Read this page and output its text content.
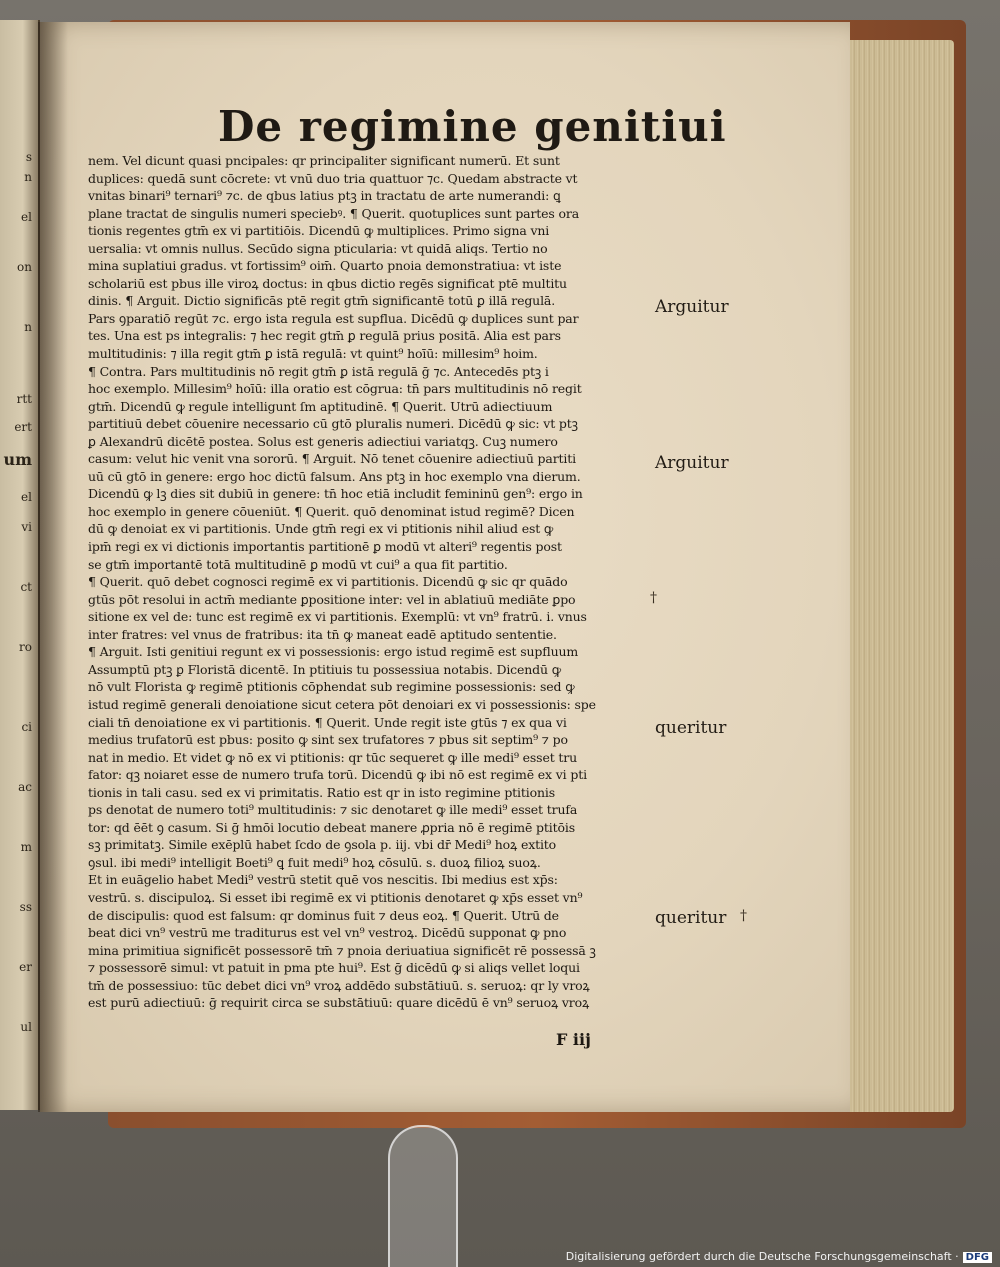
s
n
el
on
n
rtt
ert
um
el
vi
ct
ro
ci
ac
m
ss
er
ul
De regimine genitiui
nem. Vel dicunt quasi pncipales: qr principaliter significant numerū. Et sunt
duplices: quedā sunt cōcrete: vt vnū duo tria quattuor ⁊c. Quedam abstracte vt
vnitas binari⁹ ternari⁹ ⁊c. de qbus latius ptꝫ in tractatu de arte numerandi: ꝗ
plane tractat de singulis numeri speciebꝰ. ¶ Querit. quotuplices sunt partes ora
tionis regentes gtm̄ ex vi partitiōis. Dicendū ꝙ multiplices. Primo signa vni
uersalia: vt omnis nullus. Secūdo signa pticularia: vt quidā aliqs. Tertio no
mina suplatiui gradus. vt fortissim⁹ oim̄. Quarto pnoia demonstratiua: vt iste
scholariū est pbus ille viroꝝ doctus: in qbus dictio regēs significat ptē multitu
dinis. ¶ Arguit. Dictio significās ptē regit gtm̄ significantē totū ꝑ illā regulā.
Pars ꝯparatiō regūt ⁊c. ergo ista regula est supflua. Dicēdū ꝙ duplices sunt par
tes. Una est ps integralis: ⁊ hec regit gtm̄ ꝑ regulā prius positā. Alia est pars
multitudinis: ⁊ illa regit gtm̄ ꝑ istā regulā: vt quint⁹ hoīū: millesim⁹ hoim.
¶ Contra. Pars multitudinis nō regit gtm̄ ꝑ istā regulā ḡ ⁊c. Antecedēs ptꝫ i
hoc exemplo. Millesim⁹ hoīū: illa oratio est cōgrua: tn̄ pars multitudinis nō regit
gtm̄. Dicendū ꝙ regule intelligunt ſm aptitudinē. ¶ Querit. Utrū adiectiuum
partitiuū debet cōuenire necessario cū gtō pluralis numeri. Dicēdū ꝙ sic: vt ptꝫ
ꝑ Alexandrū dicētē postea. Solus est generis adiectiui variatqꝫ. Cuꝫ numero
casum: velut hic venit vna sororū. ¶ Arguit. Nō tenet cōuenire adiectiuū partiti
uū cū gtō in genere: ergo hoc dictū falsum. Ans ptꝫ in hoc exemplo vna dierum.
Dicendū ꝙ lꝫ dies sit dubiū in genere: tn̄ hoc etiā includit femininū gen⁹: ergo in
hoc exemplo in genere cōueniūt. ¶ Querit. quō denominat istud regimē? Dicen
dū ꝙ denoiat ex vi partitionis. Unde gtm̄ regi ex vi ptitionis nihil aliud est ꝙ
ipm̄ regi ex vi dictionis importantis partitionē ꝑ modū vt alteri⁹ regentis post
se gtm̄ importantē totā multitudinē ꝑ modū vt cui⁹ a qua fit partitio.
¶ Querit. quō debet cognosci regimē ex vi partitionis. Dicendū ꝙ sic qr quādo
gtūs pōt resolui in actm̄ mediante ꝑpositione inter: vel in ablatiuū mediāte ꝑpo
sitione ex vel de: tunc est regimē ex vi partitionis. Exemplū: vt vn⁹ fratrū. i. vnus
inter fratres: vel vnus de fratribus: ita tn̄ ꝙ maneat eadē aptitudo sententie.
¶ Arguit. Isti genitiui regunt ex vi possessionis: ergo istud regimē est supfluum
Assumptū ptꝫ ꝑ Floristā dicentē. In ptitiuis tu possessiua notabis. Dicendū ꝙ
nō vult Florista ꝙ regimē ptitionis cōphendat sub regimine possessionis: sed ꝙ
istud regimē generali denoiatione sicut cetera pōt denoiari ex vi possessionis: spe
ciali tn̄ denoiatione ex vi partitionis. ¶ Querit. Unde regit iste gtūs ⁊ ex qua vi
medius trufatorū est pbus: posito ꝙ sint sex trufatores ⁊ pbus sit septim⁹ ⁊ po
nat in medio. Et videt ꝙ nō ex vi ptitionis: qr tūc sequeret ꝙ ille medi⁹ esset tru
fator: qꝫ noiaret esse de numero trufa torū. Dicendū ꝙ ibi nō est regimē ex vi pti
tionis in tali casu. sed ex vi primitatis. Ratio est qr in isto regimine ptitionis
ps denotat de numero toti⁹ multitudinis: ⁊ sic denotaret ꝙ ille medi⁹ esset trufa
tor: qd ēēt ꝯ casum. Si ḡ hmōi locutio debeat manere ꝓpria nō ē regimē ptitōis
sꝫ primitatꝫ. Simile exēplū habet ſcdo de ꝯsola p. iij. vbi dr̄ Medi⁹ hoꝝ extito
ꝯsul. ibi medi⁹ intelligit Boeti⁹ ꝗ fuit medi⁹ hoꝝ cōsulū. s. duoꝝ filioꝝ suoꝝ.
Et in euāgelio habet Medi⁹ vestrū stetit quē vos nescitis. Ibi medius est xp̄s:
vestrū. s. discipuloꝝ. Si esset ibi regimē ex vi ptitionis denotaret ꝙ xp̄s esset vn⁹
de discipulis: quod est falsum: qr dominus fuit ⁊ deus eoꝝ. ¶ Querit. Utrū de
beat dici vn⁹ vestrū me traditurus est vel vn⁹ vestroꝝ. Dicēdū supponat ꝙ pno
mina primitiua significēt possessorē tm̄ ⁊ pnoia deriuatiua significēt rē possessā ꝫ
⁊ possessorē simul: vt patuit in pma pte hui⁹. Est ḡ dicēdū ꝙ si aliqs vellet loqui
tm̄ de possessiuo: tūc debet dici vn⁹ vroꝝ addēdo substātiuū. s. seruoꝝ: qr ly vroꝝ
est purū adiectiuū: ḡ requirit circa se substātiuū: quare dicēdū ē vn⁹ seruoꝝ vroꝝ
Arguitur
Arguitur
queritur
queritur
†
†
F iij
Digitalisierung gefördert durch die Deutsche Forschungsgemeinschaft · DFG
